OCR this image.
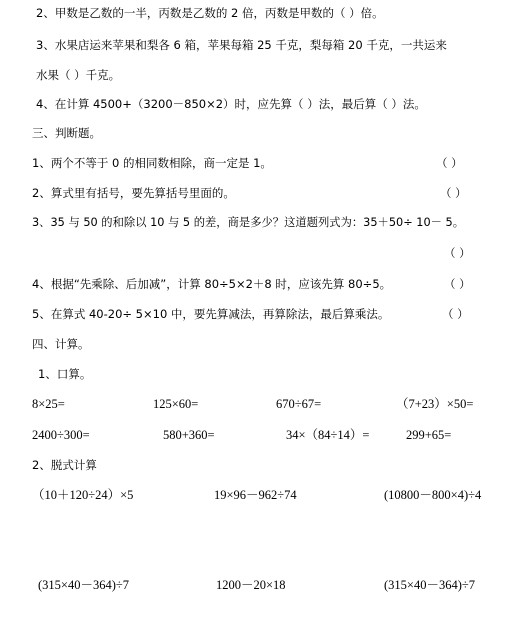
2、甲数是乙数的一半，丙数是乙数的 2 倍，丙数是甲数的（ ）倍。
3、水果店运来苹果和梨各 6 箱，苹果每箱 25 千克，梨每箱 20 千克，一共运来
水果（ ）千克。
4、在计算 4500+（3200－850×2）时，应先算（ ）法，最后算（ ）法。
三、判断题。
1、两个不等于 0 的相同数相除，商一定是 1。	（ ）
2、算式里有括号，要先算括号里面的。	（ ）
3、35 与 50 的和除以 10 与 5 的差，商是多少？这道题列式为：35＋50÷ 10－ 5。
（ ）
4、根据“先乘除、后加减”，计算 80÷5×2＋8 时，应该先算 80÷5。	（ ）
5、在算式 40-20÷ 5×10 中，要先算减法，再算除法，最后算乘法。	（ ）
四、计算。
1、口算。
8×25=	125×60=	670÷67=	（7+23）×50=
2400÷300=	580+360=	34×（84÷14）=	299+65=
2、脱式计算
（10＋120÷24）×5	19×96－962÷74	(10800－800×4)÷4
(315×40－364)÷7	1200－20×18	(315×40－364)÷7
